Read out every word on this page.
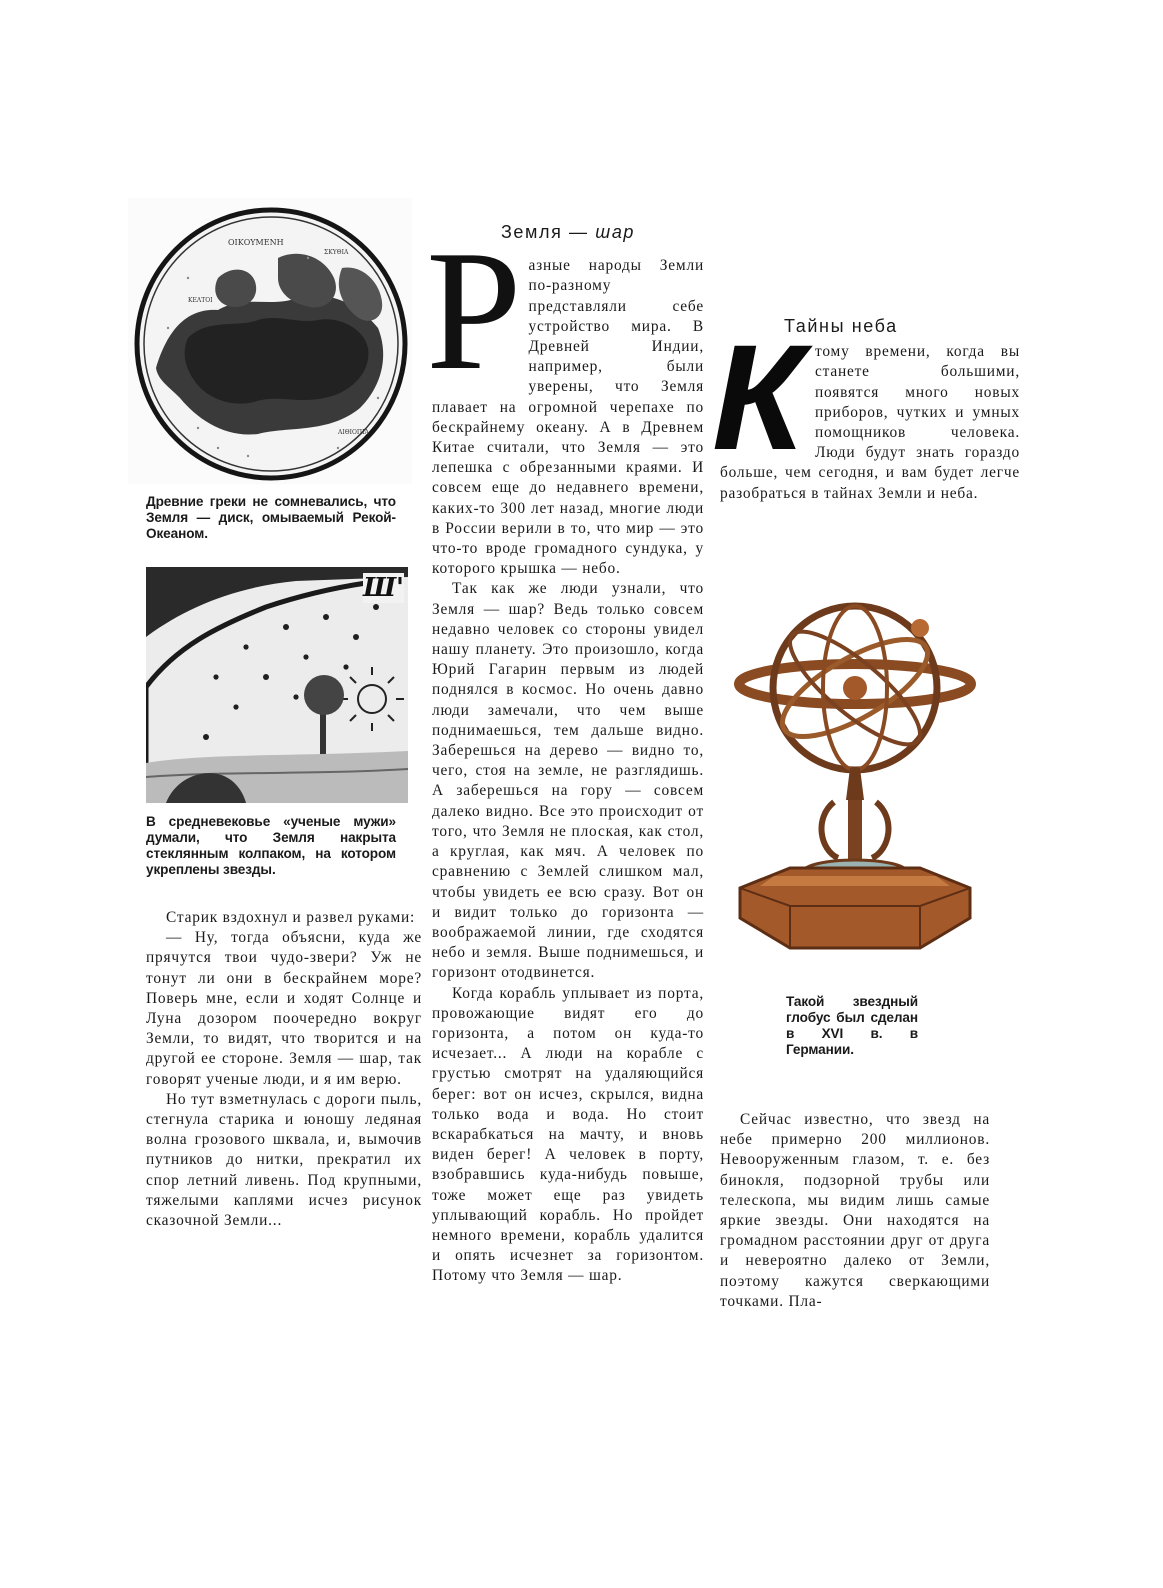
ΟΙΚΟΥΜΕΝΗ
ΣΚΥΘΙΑ
ΚΕΛΤΟΙ
ΑΙΘΙΟΠΙΑ
Древние греки не сомневались, что Земля — диск, омываемый Рекой-Океаном.
Ш'
В средневековье «ученые мужи» думали, что Земля накрыта стеклянным колпаком, на котором укреплены звезды.

Старик вздохнул и развел руками:

— Ну, тогда объясни, куда же прячутся твои чудо-звери? Уж не тонут ли они в бескрайнем море? Поверь мне, если и ходят Солнце и Луна дозором поочередно вокруг Земли, то видят, что творится и на другой ее стороне. Земля — шар, так говорят ученые люди, и я им верю.

Но тут взметнулась с дороги пыль, стегнула старика и юношу ледяная волна грозового шквала, и, вымочив путников до нитки, прекратил их спор летний ливень. Под крупными, тяжелыми каплями исчез рисунок сказочной Земли...

Земля — шар

Р азные народы Земли по-разному представляли себе устройство мира. В Древней Индии, например, были уверены, что Земля плавает на огромной черепахе по бескрайнему океану. А в Древнем Китае считали, что Земля — это лепешка с обрезанными краями. И совсем еще до недавнего времени, каких-то 300 лет назад, многие люди в России верили в то, что мир — это что-то вроде громадного сундука, у которого крышка — небо.

Так как же люди узнали, что Земля — шар? Ведь только совсем недавно человек со стороны увидел нашу планету. Это произошло, когда Юрий Гагарин первым из людей поднялся в космос. Но очень давно люди замечали, что чем выше поднимаешься, тем дальше видно. Заберешься на дерево — видно то, чего, стоя на земле, не разглядишь. А заберешься на гору — совсем далеко видно. Все это происходит от того, что Земля не плоская, как стол, а круглая, как мяч. А человек по сравнению с Землей слишком мал, чтобы увидеть ее всю сразу. Вот он и видит только до горизонта — воображаемой линии, где сходятся небо и земля. Выше поднимешься, и горизонт отодвинется.

Когда корабль уплывает из порта, провожающие видят его до горизонта, а потом он куда-то исчезает... А люди на корабле с грустью смотрят на удаляющийся берег: вот он исчез, скрылся, видна только вода и вода. Но стоит вскарабкаться на мачту, и вновь виден берег! А человек в порту, взобравшись куда-нибудь повыше, тоже может еще раз увидеть уплывающий корабль. Но пройдет немного времени, корабль удалится и опять исчезнет за горизонтом. Потому что Земля — шар.

Тайны неба

К тому времени, когда вы станете большими, появятся много новых приборов, чутких и умных помощников человека. Люди будут знать гораздо больше, чем сегодня, и вам будет легче разобраться в тайнах Земли и неба.

Такой звездный глобус был сделан в XVI в. в Германии.

Сейчас известно, что звезд на небе примерно 200 миллионов. Невооруженным глазом, т. е. без бинокля, подзорной трубы или телескопа, мы видим лишь самые яркие звезды. Они находятся на громадном расстоянии друг от друга и невероятно далеко от Земли, поэтому кажутся сверкающими точками. Пла-
